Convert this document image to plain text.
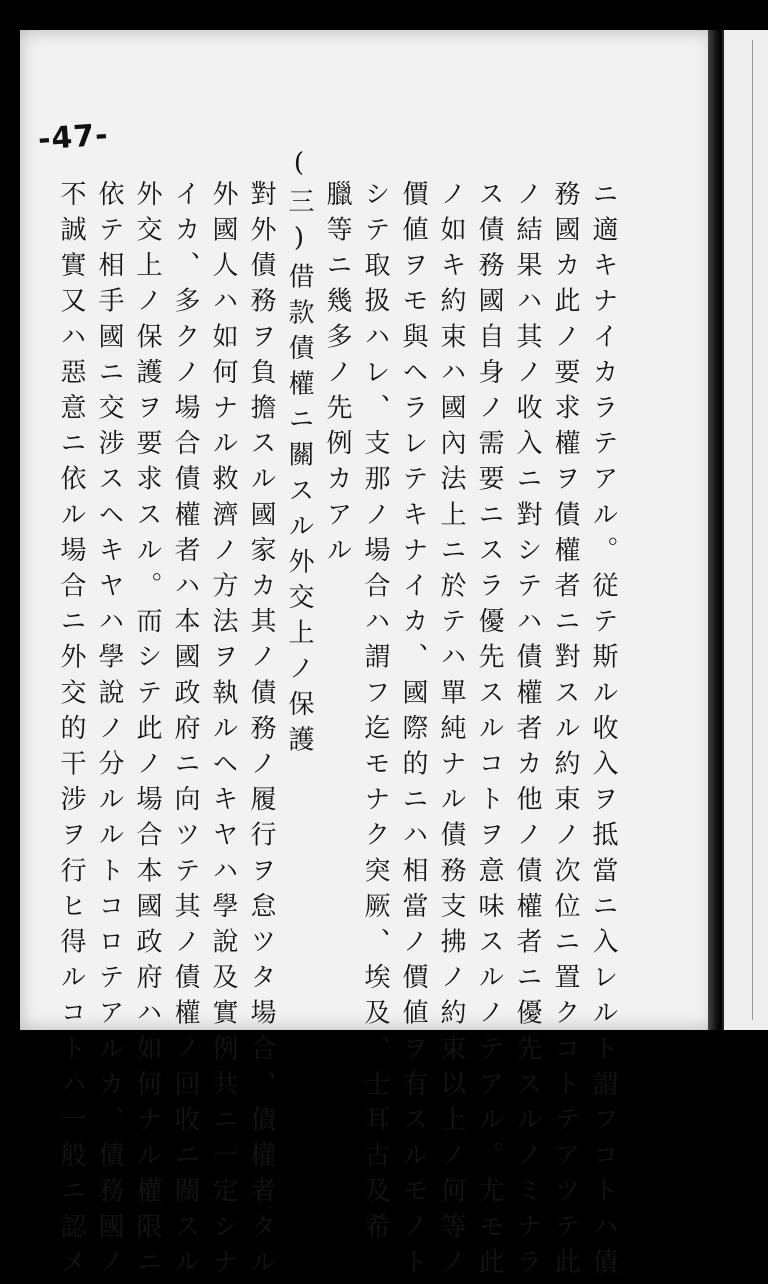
-47-
ニ適キナイカラテアル。従テ斯ル收入ヲ抵當ニ入レルト謂フコトハ債
務國カ此ノ要求權ヲ債權者ニ對スル約束ノ次位ニ置クコトテアツテ此
ノ結果ハ其ノ收入ニ對シテハ債權者カ他ノ債權者ニ優先スルノミナラ
ス債務國自身ノ需要ニスラ優先スルコトヲ意味スルノテアル。尤モ此
ノ如キ約束ハ國內法上ニ於テハ單純ナル債務支拂ノ約束以上ノ何等ノ
價値ヲモ與ヘラレテキナイカ、國際的ニハ相當ノ價値ヲ有スルモノト
シテ取扱ハレ、支那ノ場合ハ謂フ迄モナク突厥、埃及、士耳古及希
臘等ニ幾多ノ先例カアル
(三)借款債權ニ關スル外交上ノ保護
對外債務ヲ負擔スル國家カ其ノ債務ノ履行ヲ怠ツタ場合、債權者タル
外國人ハ如何ナル救濟ノ方法ヲ執ルヘキヤハ學說及實例共ニ一定シナ
イカ、多クノ場合債權者ハ本國政府ニ向ツテ其ノ債權ノ回收ニ關スル
外交上ノ保護ヲ要求スル。而シテ此ノ場合本國政府ハ如何ナル權限ニ
依テ相手國ニ交涉スヘキヤハ學說ノ分ルルトコロテアルカ、債務國ノ
不誠實又ハ惡意ニ依ル場合ニ外交的干涉ヲ行ヒ得ルコトハ一般ニ認メ
